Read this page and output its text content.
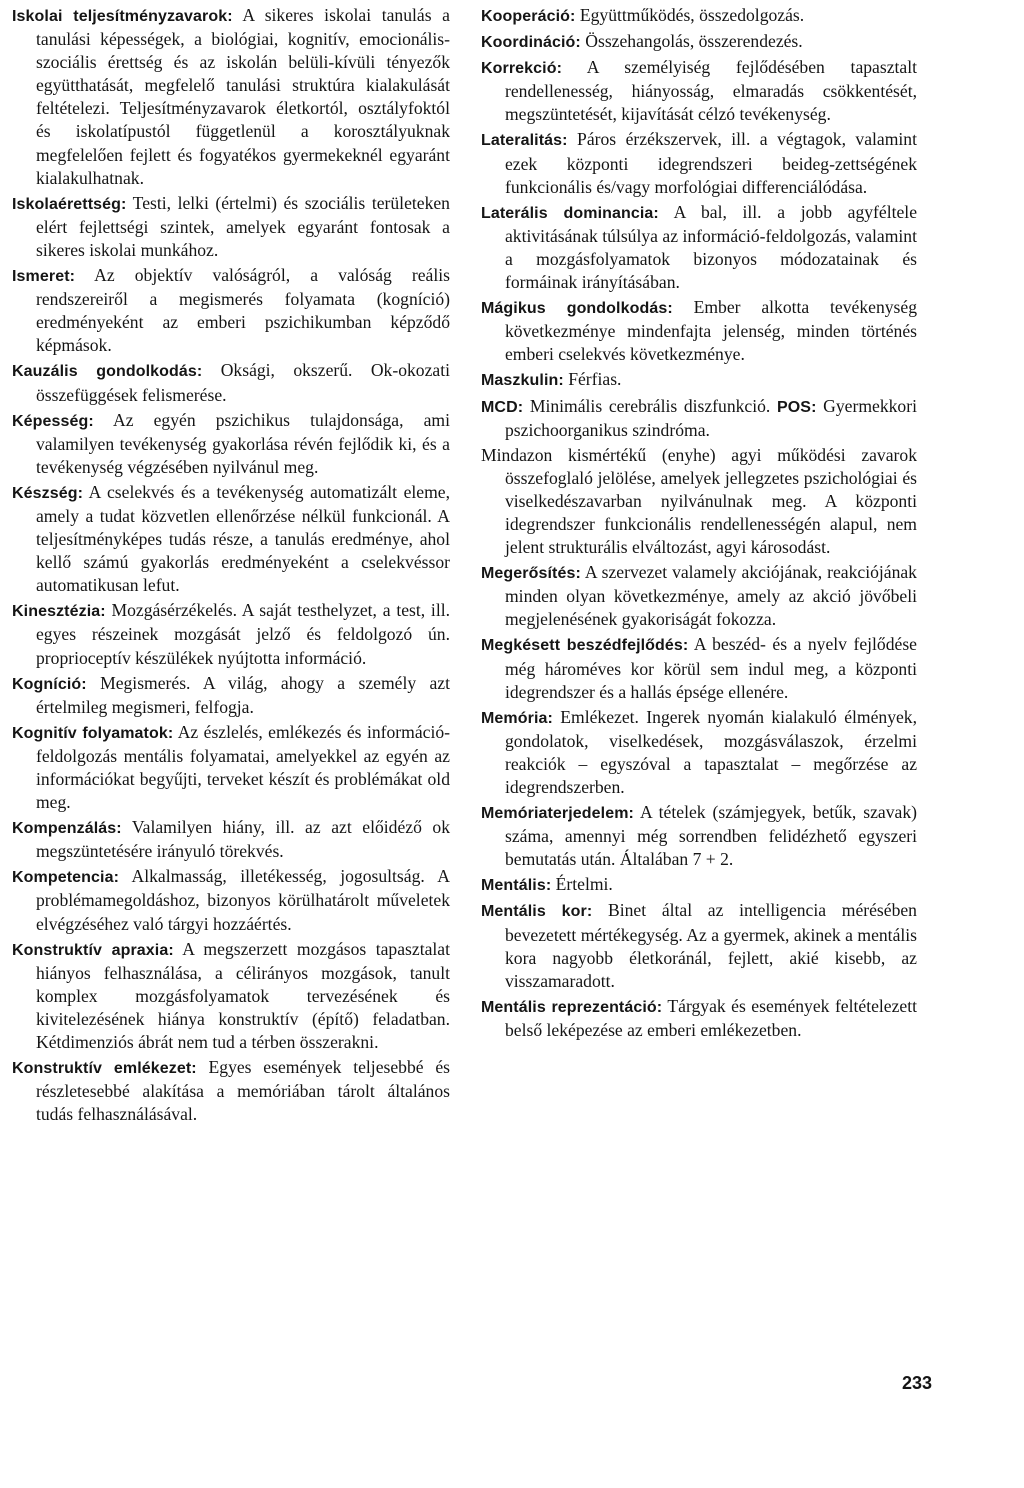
Iskolai teljesítményzavarok: A sikeres iskolai tanulás a tanulási képességek, a biológiai, kognitív, emocionális-szociális érettség és az iskolán belüli-kívüli tényezők együtthatását, megfelelő tanulási struktúra kialakulását feltételezi. Teljesítményzavarok életkortól, osztályfoktól és iskolatípustól függetlenül a korosztályuknak megfelelően fejlett és fogyatékos gyermekeknél egyaránt kialakulhatnak.

Iskolaérettség: Testi, lelki (értelmi) és szociális területeken elért fejlettségi szintek, amelyek egyaránt fontosak a sikeres iskolai munkához.

Ismeret: Az objektív valóságról, a valóság reális rendszereiről a megismerés folyamata (kogníció) eredményeként az emberi pszichikumban képződő képmások.

Kauzális gondolkodás: Oksági, okszerű. Ok-okozati összefüggések felismerése.

Képesség: Az egyén pszichikus tulajdonsága, ami valamilyen tevékenység gyakorlása révén fejlődik ki, és a tevékenység végzésében nyilvánul meg.

Készség: A cselekvés és a tevékenység automatizált eleme, amely a tudat közvetlen ellenőrzése nélkül funkcionál. A teljesítményképes tudás része, a tanulás eredménye, ahol kellő számú gyakorlás eredményeként a cselekvéssor automatikusan lefut.

Kinesztézia: Mozgásérzékelés. A saját testhelyzet, a test, ill. egyes részeinek mozgását jelző és feldolgozó ún. proprioceptív készülékek nyújtotta információ.

Kogníció: Megismerés. A világ, ahogy a személy azt értelmileg megismeri, felfogja.

Kognitív folyamatok: Az észlelés, emlékezés és információ-feldolgozás mentális folyamatai, amelyekkel az egyén az információkat begyűjti, terveket készít és problémákat old meg.

Kompenzálás: Valamilyen hiány, ill. az azt előidéző ok megszüntetésére irányuló törekvés.

Kompetencia: Alkalmasság, illetékesség, jogosultság. A problémamegoldáshoz, bizonyos körülhatárolt műveletek elvégzéséhez való tárgyi hozzáértés.

Konstruktív apraxia: A megszerzett mozgásos tapasztalat hiányos felhasználása, a célirányos mozgások, tanult komplex mozgásfolyamatok tervezésének és kivitelezésének hiánya konstruktív (építő) feladatban. Kétdimenziós ábrát nem tud a térben összerakni.

Konstruktív emlékezet: Egyes események teljesebbé és részletesebbé alakítása a memóriában tárolt általános tudás felhasználásával.

Kooperáció: Együttműködés, összedolgozás.

Koordináció: Összehangolás, összerendezés.

Korrekció: A személyiség fejlődésében tapasztalt rendellenesség, hiányosság, elmaradás csökkentését, megszüntetését, kijavítását célzó tevékenység.

Lateralitás: Páros érzékszervek, ill. a végtagok, valamint ezek központi idegrendszeri beideg-zettségének funkcionális és/vagy morfológiai differenciálódása.

Laterális dominancia: A bal, ill. a jobb agyféltele aktivitásának túlsúlya az információ-feldolgozás, valamint a mozgásfolyamatok bizonyos módozatainak és formáinak irányításában.

Mágikus gondolkodás: Ember alkotta tevékenység következménye mindenfajta jelenség, minden történés emberi cselekvés következménye.

Maszkulin: Férfias.

MCD: Minimális cerebrális diszfunkció. POS: Gyermekkori pszichoorganikus szindróma.

Mindazon kismértékű (enyhe) agyi működési zavarok összefoglaló jelölése, amelyek jellegzetes pszichológiai és viselkedészavarban nyilvánulnak meg. A központi idegrendszer funkcionális rendellenességén alapul, nem jelent strukturális elváltozást, agyi károsodást.

Megerősítés: A szervezet valamely akciójának, reakciójának minden olyan következménye, amely az akció jövőbeli megjelenésének gyakoriságát fokozza.

Megkésett beszédfejlődés: A beszéd- és a nyelv fejlődése még hároméves kor körül sem indul meg, a központi idegrendszer és a hallás épsége ellenére.

Memória: Emlékezet. Ingerek nyomán kialakuló élmények, gondolatok, viselkedések, mozgásválaszok, érzelmi reakciók – egyszóval a tapasztalat – megőrzése az idegrendszerben.

Memóriaterjedelem: A tételek (számjegyek, betűk, szavak) száma, amennyi még sorrendben felidézhető egyszeri bemutatás után. Általában 7 + 2.

Mentális: Értelmi.

Mentális kor: Binet által az intelligencia mérésében bevezetett mértékegység. Az a gyermek, akinek a mentális kora nagyobb életkoránál, fejlett, akié kisebb, az visszamaradott.

Mentális reprezentáció: Tárgyak és események feltételezett belső leképezése az emberi emlékezetben.

233
